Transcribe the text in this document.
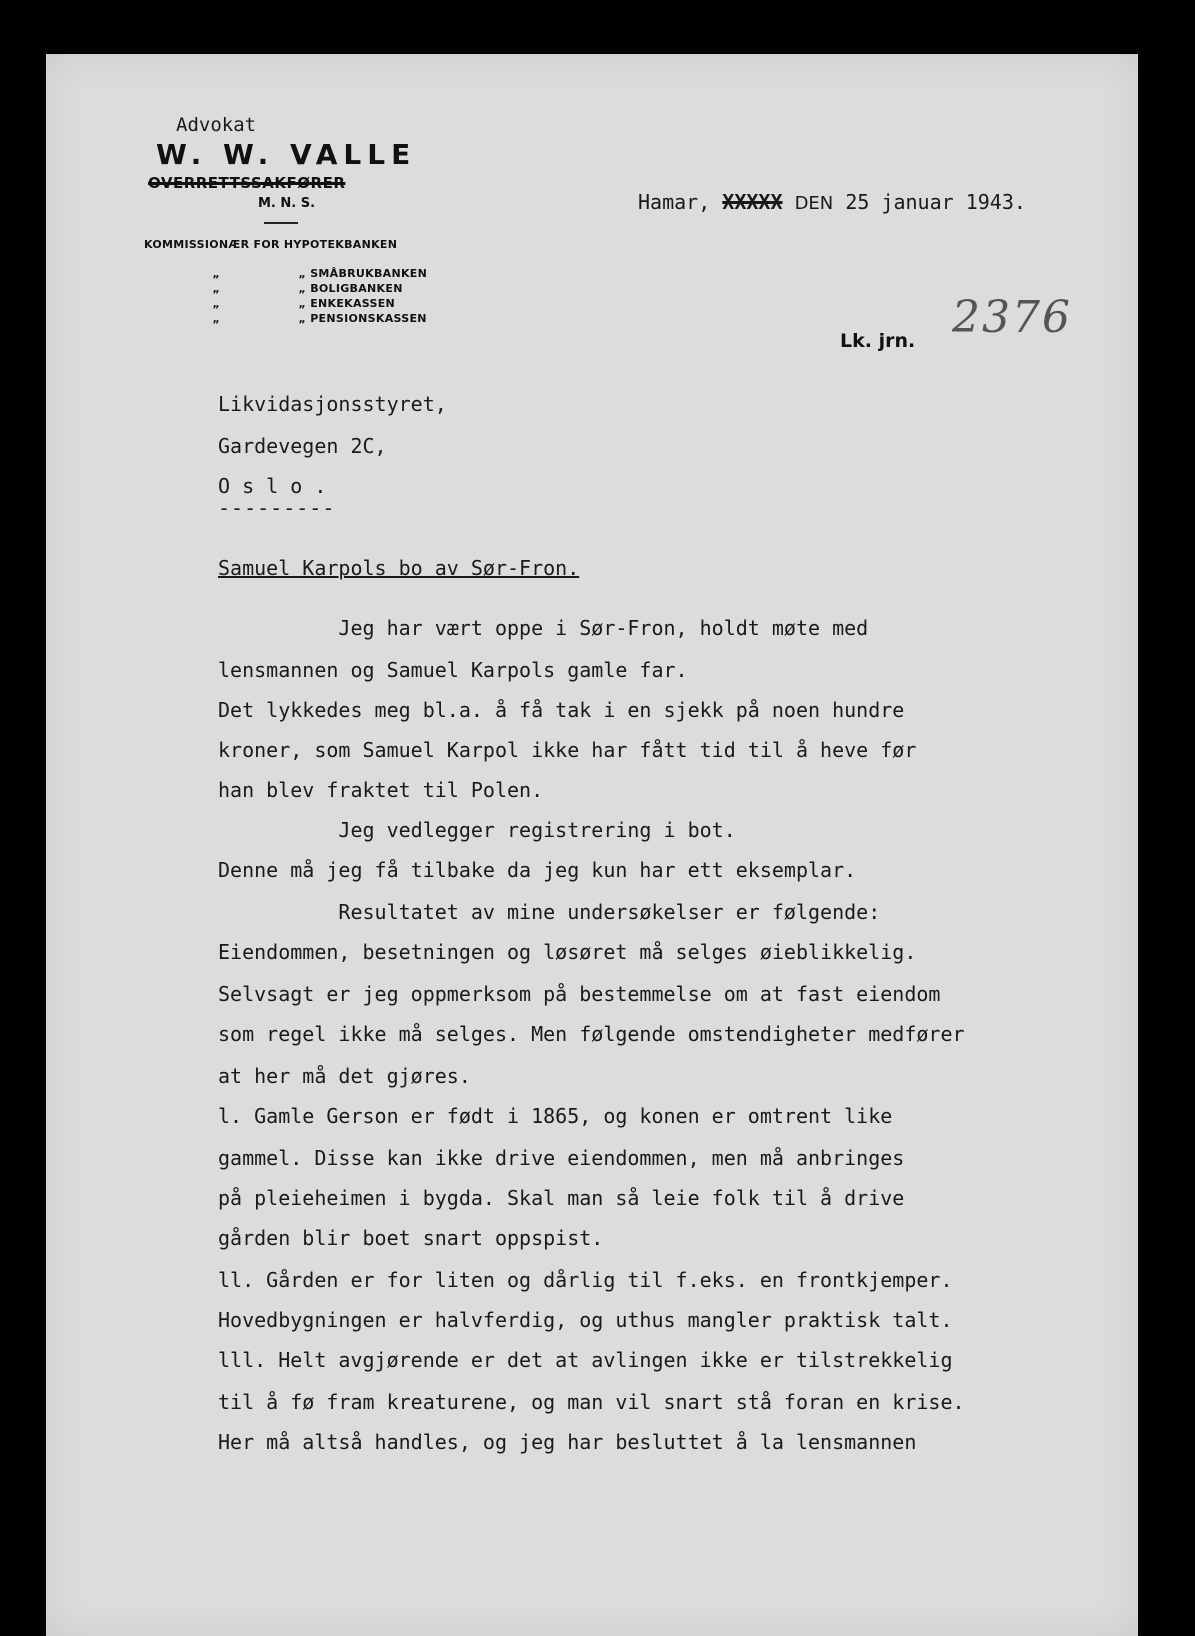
Advokat
W. W. VALLE
OVERRETTSSAKFØRER
M. N. S.
KOMMISSIONÆR FOR HYPOTEKBANKEN

„	„ SMÅBRUKBANKEN

„	„ BOLIGBANKEN

„	„ ENKEKASSEN

„	„ PENSIONSKASSEN

Hamar, XXXXX DEN 25 januar 1943.
Lk. jrn. 2376
Likvidasjonsstyret,
Gardevegen 2C,
O s l o .
---------
Samuel Karpols bo av Sør-Fron.
Jeg har vært oppe i Sør-Fron, holdt møte med
lensmannen og Samuel Karpols gamle far.
Det lykkedes meg bl.a. å få tak i en sjekk på noen hundre
kroner, som Samuel Karpol ikke har fått tid til å heve før
han blev fraktet til Polen.
Jeg vedlegger registrering i bot.
Denne må jeg få tilbake da jeg kun har ett eksemplar.
Resultatet av mine undersøkelser er følgende:
Eiendommen, besetningen og løsøret må selges øieblikkelig.
Selvsagt er jeg oppmerksom på bestemmelse om at fast eiendom
som regel ikke må selges. Men følgende omstendigheter medfører
at her må det gjøres.
l. Gamle Gerson er født i 1865, og konen er omtrent like
gammel. Disse kan ikke drive eiendommen, men må anbringes
på pleieheimen i bygda. Skal man så leie folk til å drive
gården blir boet snart oppspist.
ll. Gården er for liten og dårlig til f.eks. en frontkjemper.
Hovedbygningen er halvferdig, og uthus mangler praktisk talt.
lll. Helt avgjørende er det at avlingen ikke er tilstrekkelig
til å fø fram kreaturene, og man vil snart stå foran en krise.
Her må altså handles, og jeg har besluttet å la lensmannen
